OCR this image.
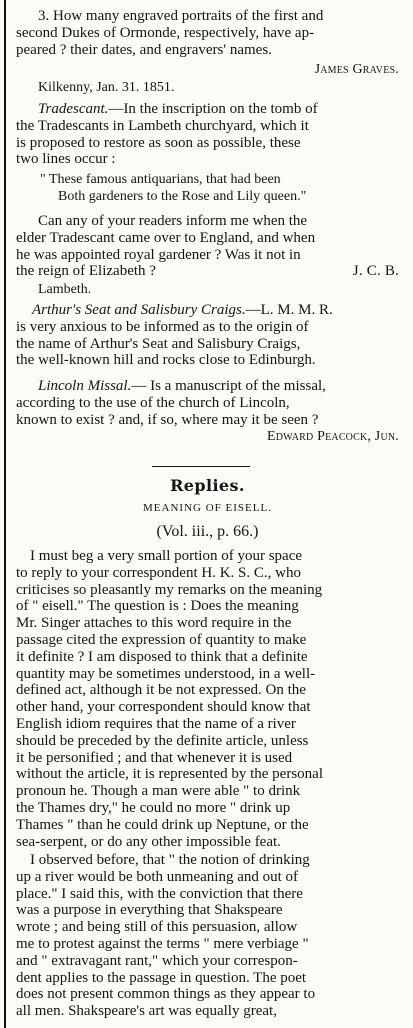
3. How many engraved portraits of the first and
second Dukes of Ormonde, respectively, have ap-
peared ? their dates, and engravers' names.
James Graves.
Kilkenny, Jan. 31. 1851.
Tradescant.—In the inscription on the tomb of
the Tradescants in Lambeth churchyard, which it
is proposed to restore as soon as possible, these
two lines occur :
" These famous antiquarians, that had been
Both gardeners to the Rose and Lily queen."
Can any of your readers inform me when the
elder Tradescant came over to England, and when
he was appointed royal gardener ? Was it not in
the reign of Elizabeth ?	J. C. B.
Lambeth.
Arthur's Seat and Salisbury Craigs.—L. M. M. R.
is very anxious to be informed as to the origin of
the name of Arthur's Seat and Salisbury Craigs,
the well-known hill and rocks close to Edinburgh.
Lincoln Missal.— Is a manuscript of the missal,
according to the use of the church of Lincoln,
known to exist ? and, if so, where may it be seen ?
Edward Peacock, Jun.
Replies.
MEANING OF EISELL.
(Vol. iii., p. 66.)
I must beg a very small portion of your space
to reply to your correspondent H. K. S. C., who
criticises so pleasantly my remarks on the meaning
of " eisell." The question is : Does the meaning
Mr. Singer attaches to this word require in the
passage cited the expression of quantity to make
it definite ? I am disposed to think that a definite
quantity may be sometimes understood, in a well-
defined act, although it be not expressed. On the
other hand, your correspondent should know that
English idiom requires that the name of a river
should be preceded by the definite article, unless
it be personified ; and that whenever it is used
without the article, it is represented by the personal
pronoun he. Though a man were able " to drink
the Thames dry," he could no more " drink up
Thames " than he could drink up Neptune, or the
sea-serpent, or do any other impossible feat.
I observed before, that " the notion of drinking
up a river would be both unmeaning and out of
place." I said this, with the conviction that there
was a purpose in everything that Shakspeare
wrote ; and being still of this persuasion, allow
me to protest against the terms " mere verbiage "
and " extravagant rant," which your correspon-
dent applies to the passage in question. The poet
does not present common things as they appear to
all men. Shakspeare's art was equally great,
